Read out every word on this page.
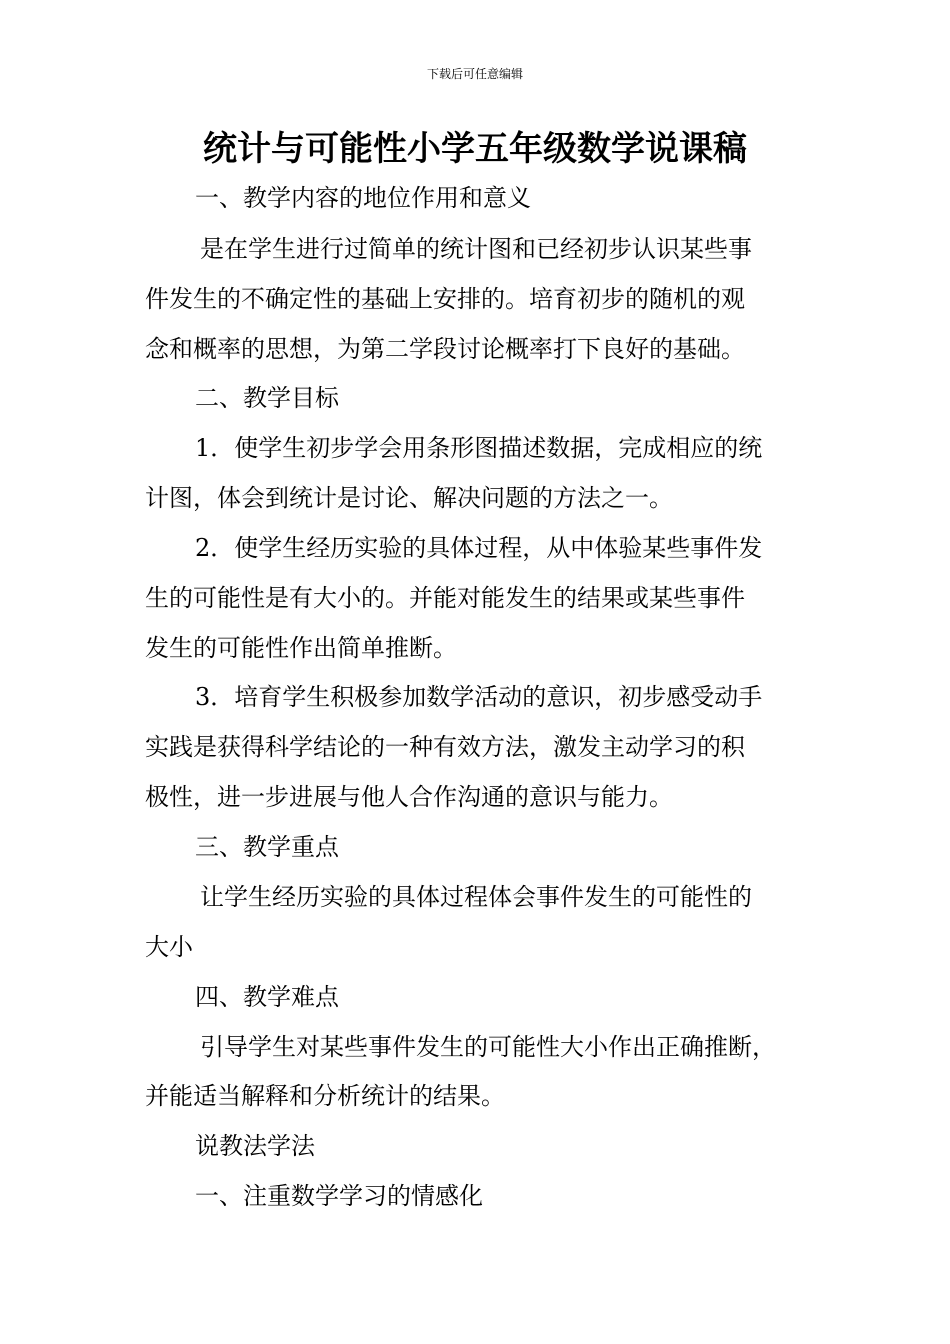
下载后可任意编辑
统计与可能性小学五年级数学说课稿
一、教学内容的地位作用和意义
是在学生进行过简单的统计图和已经初步认识某些事
件发生的不确定性的基础上安排的。培育初步的随机的观
念和概率的思想，为第二学段讨论概率打下良好的基础。
二、教学目标
1．使学生初步学会用条形图描述数据，完成相应的统
计图，体会到统计是讨论、解决问题的方法之一。
2．使学生经历实验的具体过程，从中体验某些事件发
生的可能性是有大小的。并能对能发生的结果或某些事件
发生的可能性作出简单推断。
3．培育学生积极参加数学活动的意识，初步感受动手
实践是获得科学结论的一种有效方法，激发主动学习的积
极性，进一步进展与他人合作沟通的意识与能力。
三、教学重点
让学生经历实验的具体过程体会事件发生的可能性的
大小
四、教学难点
引导学生对某些事件发生的可能性大小作出正确推断，
并能适当解释和分析统计的结果。
说教法学法
一、注重数学学习的情感化
